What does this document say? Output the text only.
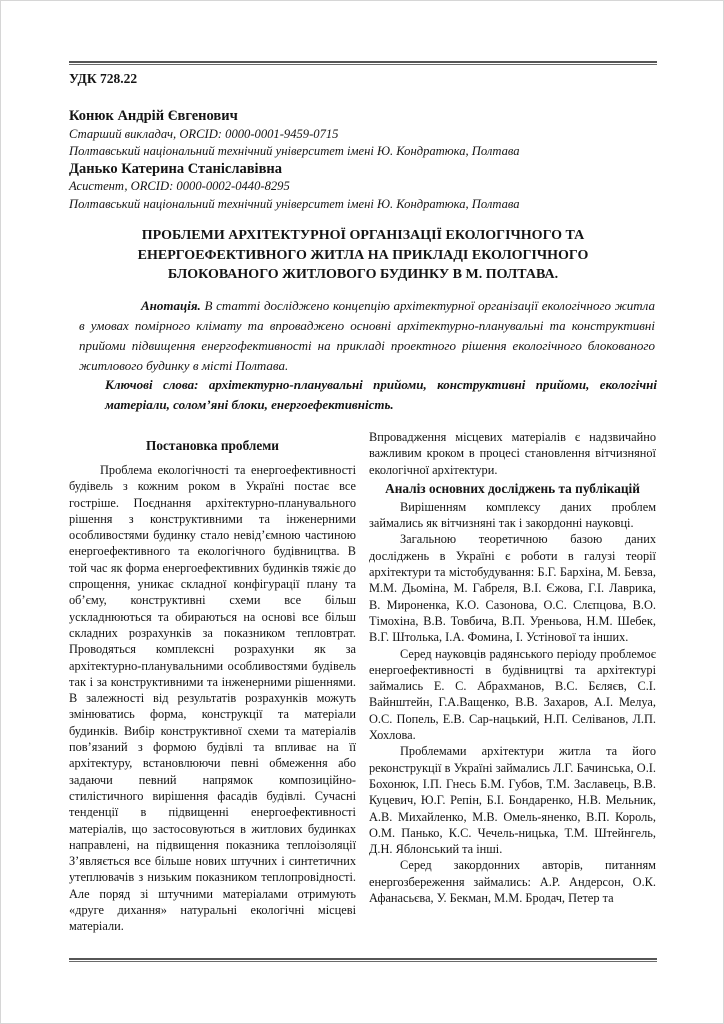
УДК 728.22
Конюк Андрій Євгенович
Старший викладач, ORCID: 0000-0001-9459-0715
Полтавський національний технічний університет імені Ю. Кондратюка, Полтава
Данько Катерина Станіславівна
Асистент, ORCID: 0000-0002-0440-8295
Полтавський національний технічний університет імені Ю. Кондратюка, Полтава
ПРОБЛЕМИ АРХІТЕКТУРНОЇ ОРГАНІЗАЦІЇ ЕКОЛОГІЧНОГО ТА ЕНЕРГОЕФЕКТИВНОГО ЖИТЛА НА ПРИКЛАДІ ЕКОЛОГІЧНОГО БЛОКОВАНОГО ЖИТЛОВОГО БУДИНКУ В М. ПОЛТАВА.
Анотація. В статті досліджено концепцію архітектурної організації екологічного житла в умовах помірного клімату та впроваджено основні архітектурно-планувальні та конструктивні прийоми підвищення енергофективності на прикладі проектного рішення екологічного блокованого житлового будинку в місті Полтава.
Ключові слова: архітектурно-планувальні прийоми, конструктивні прийоми, екологічні матеріали, солом’яні блоки, енергоефективність.
Постановка проблеми

Проблема екологічності та енергоефективності будівель з кожним роком в Україні постає все гостріше. Поєднання архітектурно-планувального рішення з конструктивними та інженерними особливостями будинку стало невід’ємною частиною енергоефективного та екологічного будівництва. В той час як форма енергоефективних будинків тяжіє до спрощення, уникає складної конфігурації плану та об’єму, конструктивні схеми все більш ускладнюються та обираються на основі все більш складних розрахунків за показником тепловтрат. Проводяться комплексні розрахунки як за архітектурно-планувальними особливостями будівель так і за конструктивними та інженерними рішеннями. В залежності від результатів розрахунків можуть змінюватись форма, конструкції та матеріали будинків. Вибір конструктивної схеми та матеріалів пов’язаний з формою будівлі та впливає на її архітектуру, встановлюючи певні обмеження або задаючи певний напрямок композиційно-стилістичного вирішення фасадів будівлі. Сучасні тенденції в підвищенні енергоефективності матеріалів, що застосовуються в житлових будинках направлені, на підвищення показника теплоізоляції З’являється все більше нових штучних і синтетичних утеплювачів з низьким показником теплопровідності. Але поряд зі штучними матеріалами отримують «друге дихання» натуральні екологічні місцеві матеріали.

Впровадження місцевих матеріалів є надзвичайно важливим кроком в процесі становлення вітчизняної екологічної архітектури.

Аналіз основних досліджень та публікацій

Вирішенням комплексу даних проблем займались як вітчизняні так і закордонні науковці.

Загальною теоретичною базою даних досліджень в Україні є роботи в галузі теорії архітектури та містобудування: Б.Г. Бархіна, М. Бевза, М.М. Дьоміна, М. Габреля, В.І. Єжова, Г.І. Лаврика, В. Мироненка, К.О. Сазонова, О.С. Слєпцова, В.О. Тімохіна, В.В. Товбича, В.П. Уреньова, Н.М. Шебек, В.Г. Штолька, І.А. Фомина, І. Устінової та інших.

Серед науковців радянського періоду проблемоє енергоефективності в будівництві та архітектурі займались Е. С. Абрахманов, В.С. Бєляєв, С.І. Вайнштейн, Г.А.Ващенко, В.В. Захаров, А.І. Мелуа, О.С. Попель, Е.В. Сар-нацький, Н.П. Селіванов, Л.П. Хохлова.

Проблемами архітектури житла та його реконструкції в Україні займались Л.Г. Бачинська, О.І. Бохонюк, І.П. Гнесь Б.М. Губов, Т.М. Заславець, В.В. Куцевич, Ю.Г. Репін, Б.І. Бондаренко, Н.В. Мельник, А.В. Михайленко, М.В. Омель-яненко, В.П. Король, О.М. Панько, К.С. Чечель-ницька, Т.М. Штейнгель, Д.Н. Яблонський та інші.

Серед закордонних авторів, питанням енергозбереження займались: А.Р. Андерсон, О.К. Афанасьєва, У. Бекман, М.М. Бродач, Петер та
